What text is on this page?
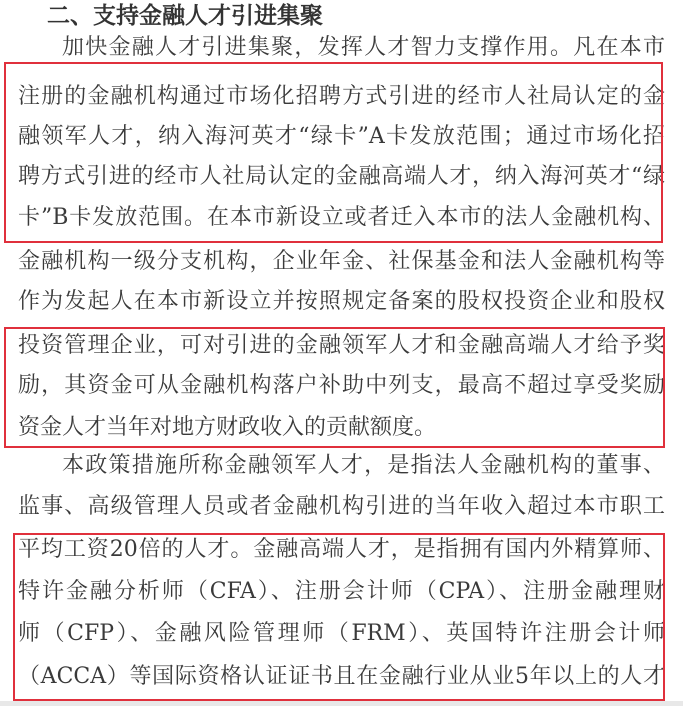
二、支持金融人才引进集聚
加快金融人才引进集聚，发挥人才智力支撑作用。凡在本市
注册的金融机构通过市场化招聘方式引进的经市人社局认定的金
融领军人才，纳入海河英才“绿卡”A卡发放范围；通过市场化招
聘方式引进的经市人社局认定的金融高端人才，纳入海河英才“绿
卡”B卡发放范围。在本市新设立或者迁入本市的法人金融机构、
金融机构一级分支机构，企业年金、社保基金和法人金融机构等
作为发起人在本市新设立并按照规定备案的股权投资企业和股权
投资管理企业，可对引进的金融领军人才和金融高端人才给予奖
励，其资金可从金融机构落户补助中列支，最高不超过享受奖励
资金人才当年对地方财政收入的贡献额度。
本政策措施所称金融领军人才，是指法人金融机构的董事、
监事、高级管理人员或者金融机构引进的当年收入超过本市职工
平均工资20倍的人才。金融高端人才，是指拥有国内外精算师、
特许金融分析师（CFA）、注册会计师（CPA）、注册金融理财
师（CFP）、金融风险管理师（FRM）、英国特许注册会计师
（ACCA）等国际资格认证证书且在金融行业从业5年以上的人才
